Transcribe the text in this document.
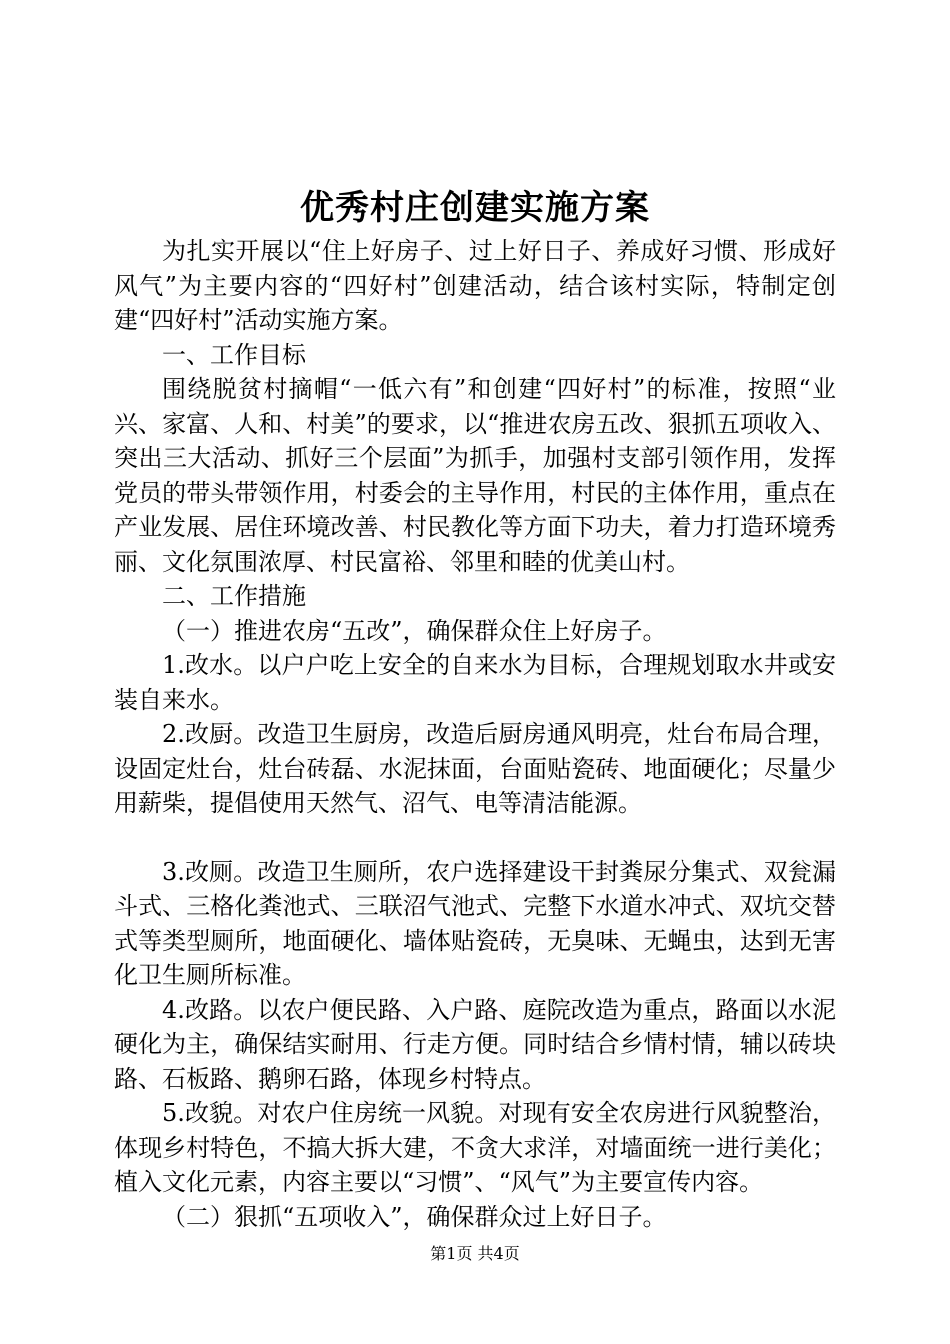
优秀村庄创建实施方案

为扎实开展以“住上好房子、过上好日子、养成好习惯、形成好风气”为主要内容的“四好村”创建活动，结合该村实际，特制定创建“四好村”活动实施方案。

一、工作目标

围绕脱贫村摘帽“一低六有”和创建“四好村”的标准，按照“业兴、家富、人和、村美”的要求，以“推进农房五改、狠抓五项收入、突出三大活动、抓好三个层面”为抓手，加强村支部引领作用，发挥党员的带头带领作用，村委会的主导作用，村民的主体作用，重点在产业发展、居住环境改善、村民教化等方面下功夫，着力打造环境秀丽、文化氛围浓厚、村民富裕、邻里和睦的优美山村。

二、工作措施

（一）推进农房“五改”，确保群众住上好房子。

1.改水。以户户吃上安全的自来水为目标，合理规划取水井或安装自来水。

2.改厨。改造卫生厨房，改造后厨房通风明亮，灶台布局合理，设固定灶台，灶台砖磊、水泥抹面，台面贴瓷砖、地面硬化；尽量少用薪柴，提倡使用天然气、沼气、电等清洁能源。

3.改厕。改造卫生厕所，农户选择建设干封粪尿分集式、双瓮漏斗式、三格化粪池式、三联沼气池式、完整下水道水冲式、双坑交替式等类型厕所，地面硬化、墙体贴瓷砖，无臭味、无蝇虫，达到无害化卫生厕所标准。

4.改路。以农户便民路、入户路、庭院改造为重点，路面以水泥硬化为主，确保结实耐用、行走方便。同时结合乡情村情，辅以砖块路、石板路、鹅卵石路，体现乡村特点。

5.改貌。对农户住房统一风貌。对现有安全农房进行风貌整治，体现乡村特色，不搞大拆大建，不贪大求洋，对墙面统一进行美化；植入文化元素，内容主要以“习惯”、“风气”为主要宣传内容。

（二）狠抓“五项收入”，确保群众过上好日子。

第1页 共4页
